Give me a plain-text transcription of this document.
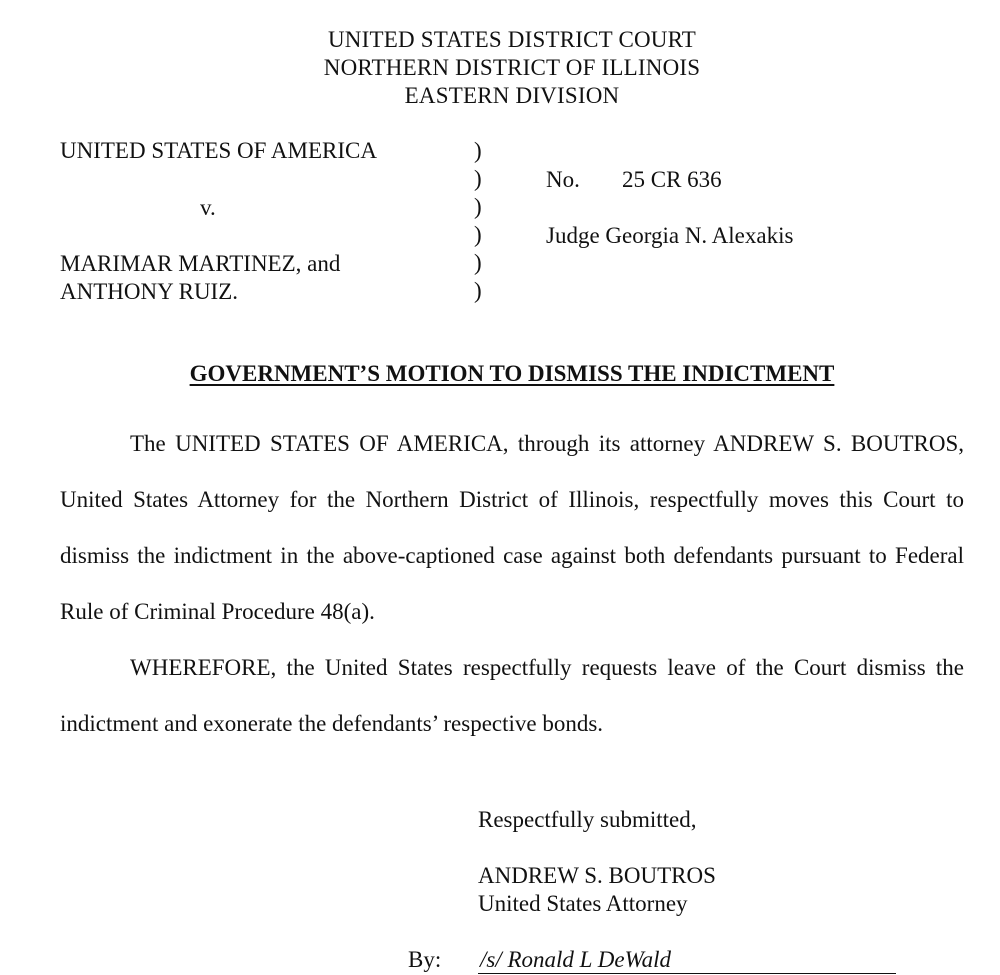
UNITED STATES DISTRICT COURT
NORTHERN DISTRICT OF ILLINOIS
EASTERN DIVISION
UNITED STATES OF AMERICA
v.
MARIMAR MARTINEZ, and
ANTHONY RUIZ.
)
)
)
)
)
)
No. 25 CR 636
Judge Georgia N. Alexakis
GOVERNMENT’S MOTION TO DISMISS THE INDICTMENT

The UNITED STATES OF AMERICA, through its attorney ANDREW S. BOUTROS, United States Attorney for the Northern District of Illinois, respectfully moves this Court to dismiss the indictment in the above-captioned case against both defendants pursuant to Federal Rule of Criminal Procedure 48(a).

WHEREFORE, the United States respectfully requests leave of the Court dismiss the indictment and exonerate the defendants’ respective bonds.

Respectfully submitted,
ANDREW S. BOUTROS
United States Attorney
By: /s/ Ronald L DeWald
